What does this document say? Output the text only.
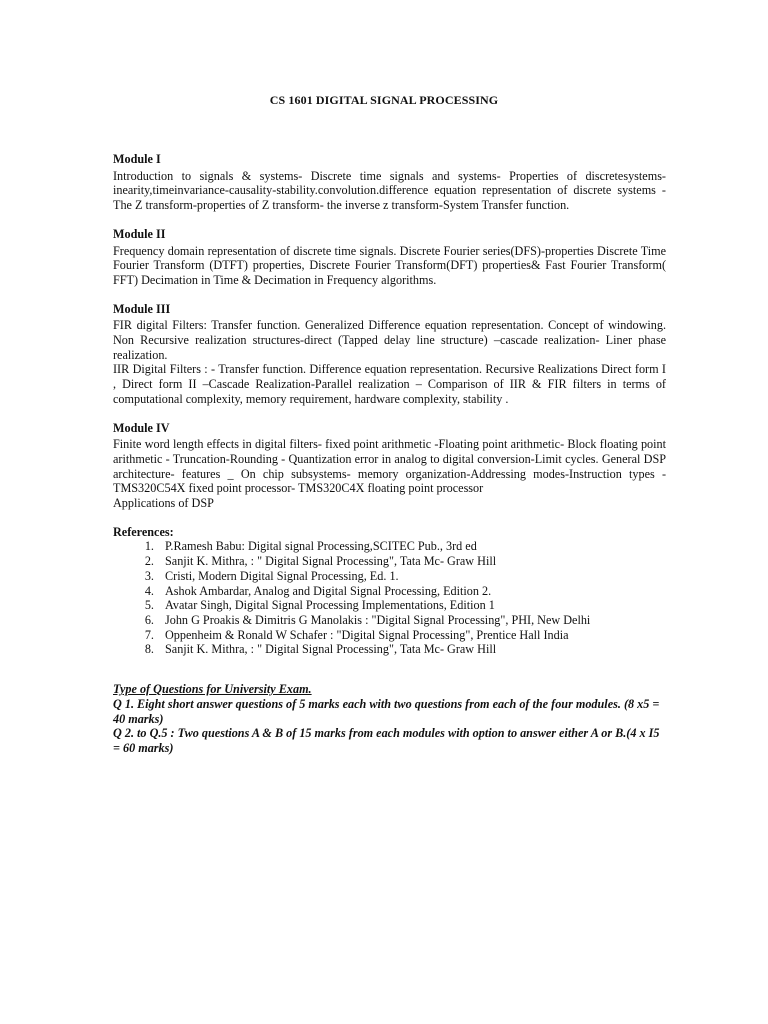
CS 1601 DIGITAL SIGNAL PROCESSING
Module I

Introduction to signals & systems- Discrete time signals and systems- Properties of discretesystems-inearity,timeinvariance-causality-stability.convolution.difference equation representation of discrete systems - The Z transform-properties of Z transform- the inverse z transform-System Transfer function.

Module II

Frequency domain representation of discrete time signals. Discrete Fourier series(DFS)-properties Discrete Time Fourier Transform (DTFT) properties, Discrete Fourier Transform(DFT) properties& Fast Fourier Transform( FFT) Decimation in Time & Decimation in Frequency algorithms.

Module III

FIR digital Filters: Transfer function. Generalized Difference equation representation. Concept of windowing. Non Recursive realization structures-direct (Tapped delay line structure) –cascade realization- Liner phase realization.

IIR Digital Filters : - Transfer function. Difference equation representation. Recursive Realizations Direct form I , Direct form II –Cascade Realization-Parallel realization – Comparison of IIR & FIR filters in terms of computational complexity, memory requirement, hardware complexity, stability .

Module IV

Finite word length effects in digital filters- fixed point arithmetic -Floating point arithmetic- Block floating point arithmetic - Truncation-Rounding - Quantization error in analog to digital conversion-Limit cycles. General DSP architecture- features _ On chip subsystems- memory organization-Addressing modes-Instruction types - TMS320C54X fixed point processor- TMS320C4X floating point processor

Applications of DSP

References:
1. P.Ramesh Babu: Digital signal Processing,SCITEC Pub., 3rd ed
2. Sanjit K. Mithra, : " Digital Signal Processing", Tata Mc- Graw Hill
3. Cristi, Modern Digital Signal Processing, Ed. 1.
4. Ashok Ambardar, Analog and Digital Signal Processing, Edition 2.
5. Avatar Singh, Digital Signal Processing Implementations, Edition 1
6. John G Proakis & Dimitris G Manolakis : "Digital Signal Processing", PHI, New Delhi
7. Oppenheim & Ronald W Schafer : "Digital Signal Processing", Prentice Hall India
8. Sanjit K. Mithra, : " Digital Signal Processing", Tata Mc- Graw Hill
Type of Questions for University Exam.
Q 1. Eight short answer questions of 5 marks each with two questions from each of the four modules. (8 x5 = 40 marks)
Q 2. to Q.5 : Two questions A & B of 15 marks from each modules with option to answer either A or B.(4 x I5 = 60 marks)
